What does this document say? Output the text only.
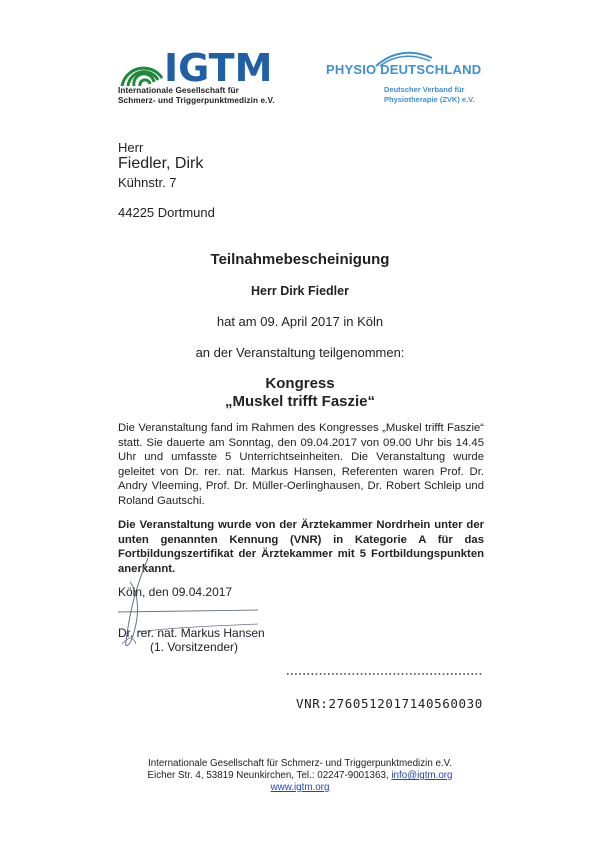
IGTM
Internationale Gesellschaft für
Schmerz- und Triggerpunktmedizin e.V.
PHYSIO DEUTSCHLAND
Deutscher Verband für
Physiotherapie (ZVK) e.V.
Herr
Fiedler, Dirk
Kühnstr. 7
44225 Dortmund
Teilnahmebescheinigung
Herr Dirk Fiedler
hat am 09. April 2017 in Köln
an der Veranstaltung teilgenommen:
Kongress
„Muskel trifft Faszie“
Die Veranstaltung fand im Rahmen des Kongresses „Muskel trifft Faszie“ statt. Sie dauerte am Sonntag, den 09.04.2017 von 09.00 Uhr bis 14.45 Uhr und umfasste 5 Unterrichtseinheiten. Die Veranstaltung wurde geleitet von Dr. rer. nat. Markus Hansen, Referenten waren Prof. Dr. Andry Vleeming, Prof. Dr. Müller-Oerlinghausen, Dr. Robert Schleip und Roland Gautschi.
Die Veranstaltung wurde von der Ärztekammer Nordrhein unter der unten genannten Kennung (VNR) in Kategorie A für das Fortbildungszertifikat der Ärztekammer mit 5 Fortbildungspunkten anerkannt.
Köln, den 09.04.2017
Dr. rer. nat. Markus Hansen
(1. Vorsitzender)
VNR:2760512017140560030
Internationale Gesellschaft für Schmerz- und Triggerpunktmedizin e.V.
Eicher Str. 4, 53819 Neunkirchen, Tel.: 02247-9001363, info@igtm.org
www.igtm.org
